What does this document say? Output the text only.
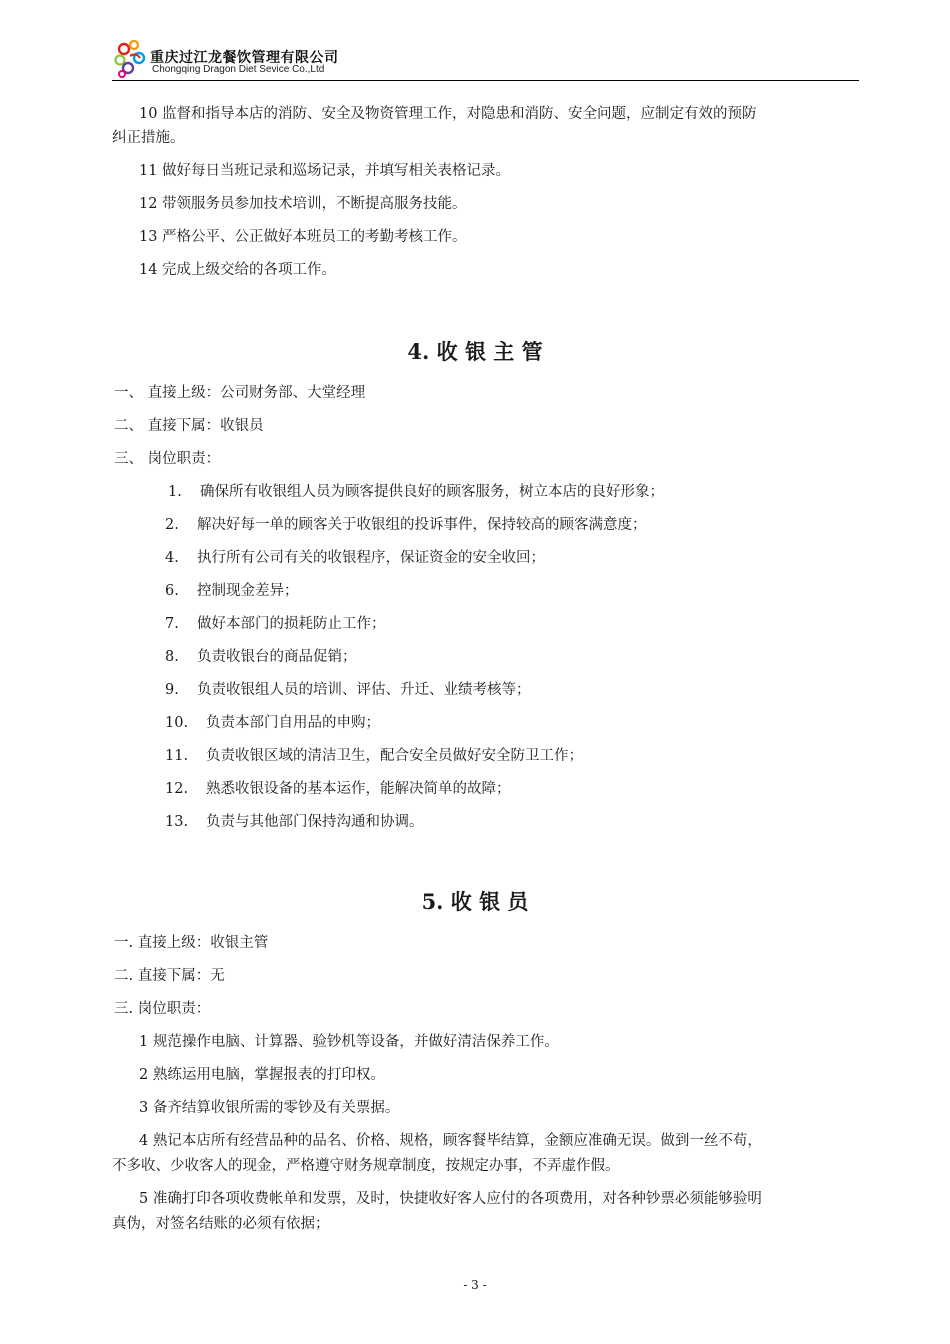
重庆过江龙餐饮管理有限公司
Chongqing Dragon Diet Sevice Co.,Ltd
10 监督和指导本店的消防、安全及物资管理工作，对隐患和消防、安全问题，应制定有效的预防
纠正措施。
11 做好每日当班记录和巡场记录，并填写相关表格记录。
12 带领服务员参加技术培训，不断提高服务技能。
13 严格公平、公正做好本班员工的考勤考核工作。
14 完成上级交给的各项工作。
4. 收 银 主 管
一、 直接上级：公司财务部、大堂经理
二、 直接下属：收银员
三、 岗位职责：
1. 确保所有收银组人员为顾客提供良好的顾客服务，树立本店的良好形象；
2. 解决好每一单的顾客关于收银组的投诉事件，保持较高的顾客满意度；
4. 执行所有公司有关的收银程序，保证资金的安全收回；
6. 控制现金差异；
7. 做好本部门的损耗防止工作；
8. 负责收银台的商品促销；
9. 负责收银组人员的培训、评估、升迁、业绩考核等；
10. 负责本部门自用品的申购；
11. 负责收银区域的清洁卫生，配合安全员做好安全防卫工作；
12. 熟悉收银设备的基本运作，能解决简单的故障；
13. 负责与其他部门保持沟通和协调。
5. 收 银 员
一. 直接上级：收银主管
二. 直接下属：无
三. 岗位职责：
1 规范操作电脑、计算器、验钞机等设备，并做好清洁保养工作。
2 熟练运用电脑，掌握报表的打印权。
3 备齐结算收银所需的零钞及有关票据。
4 熟记本店所有经营品种的品名、价格、规格，顾客餐毕结算，金额应准确无误。做到一丝不苟，
不多收、少收客人的现金，严格遵守财务规章制度，按规定办事，不弄虚作假。
5 准确打印各项收费帐单和发票，及时，快捷收好客人应付的各项费用，对各种钞票必须能够验明
真伪，对签名结账的必须有依据；
- 3 -
